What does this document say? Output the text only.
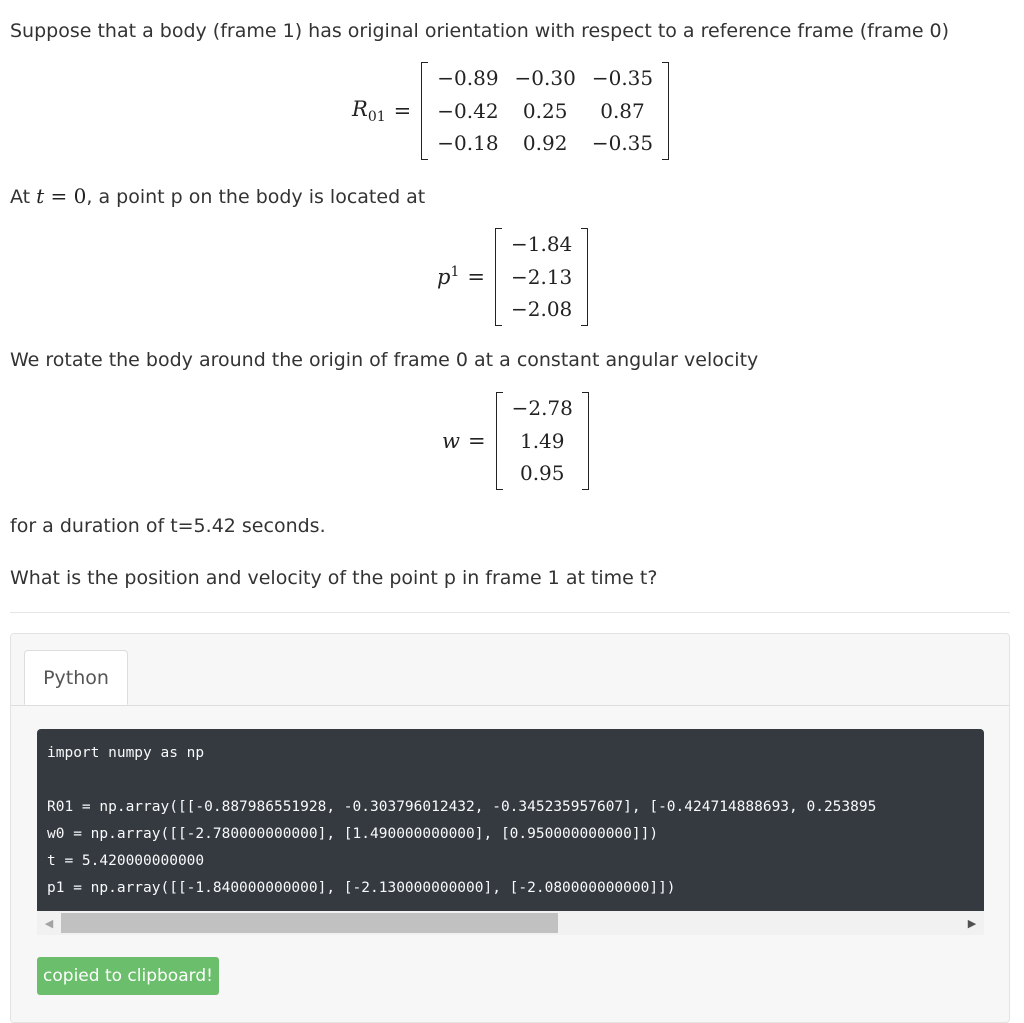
Suppose that a body (frame 1) has original orientation with respect to a reference frame (frame 0)
$R_{01}$ =
−0.89 −0.30 −0.35
−0.42	0.25	0.87
−0.18	0.92	−0.35
At t = 0, a point p on the body is located at
$p^1$ =
−1.84
−2.13
−2.08
We rotate the body around the origin of frame 0 at a constant angular velocity
w =
−2.78
1.49
0.95
for a duration of t=5.42 seconds.
What is the position and velocity of the point p in frame 1 at time t?
Python
import numpy as np

R01 = np.array([[-0.887986551928, -0.303796012432, -0.345235957607], [-0.424714888693, 0.253895
w0 = np.array([[-2.780000000000], [1.490000000000], [0.950000000000]])
t = 5.420000000000
p1 = np.array([[-1.840000000000], [-2.130000000000], [-2.080000000000]])
◀	▶
copied to clipboard!
